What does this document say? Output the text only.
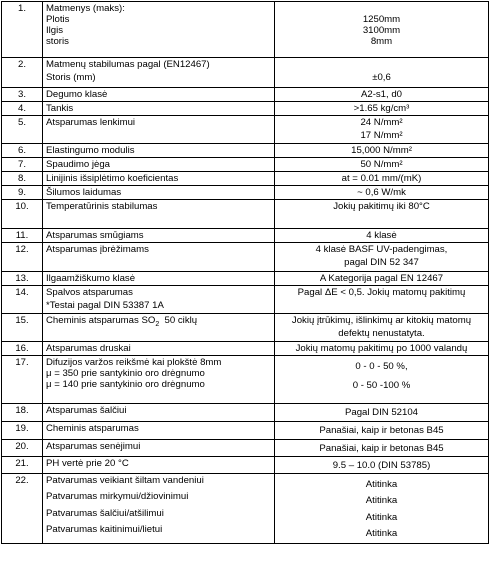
1.	Matmenys (maks):
Plotis
Ilgis
storis	1250mm
3100mm
8mm

2.	Matmenų stabilumas pagal (EN12467)
Storis (mm)	±0,6

3.	Degumo klasė	A2-s1, d0
4.	Tankis	>1.65 kg/cm³
5.	Atsparumas lenkimui	24 N/mm²
17 N/mm²

6.	Elastingumo modulis	15,000 N/mm²
7.	Spaudimo jėga	50 N/mm²
8.	Linijinis išsiplėtimo koeficientas	at = 0.01 mm/(mK)
9.	Šilumos laidumas	~ 0,6 W/mk
10.	Temperatūrinis stabilumas	Jokių pakitimų iki 80°C
11.	Atsparumas smūgiams	4 klasė
12.	Atsparumas įbrėžimams	4 klasė BASF UV-padengimas,
pagal DIN 52 347

13.	Ilgaamžiškumo klasė	A Kategorija pagal EN 12467
14.	Spalvos atsparumas
*Testai pagal DIN 53387 1A	Pagal ΔE < 0,5. Jokių matomų pakitimų

15.	Cheminis atsparumas $SO_2$  50 ciklų	Jokių įtrūkimų, išlinkimų ar kitokių matomų
defektų nenustatyta.

16.	Atsparumas druskai	Jokių matomų pakitimų po 1000 valandų
17.	Difuzijos varžos reikšmė kai plokštė 8mm
μ = 350 prie santykinio oro drėgnumo
μ = 140 prie santykinio oro drėgnumo	0 - 0 - 50 %,
0 - 50 -100 %

18.	Atsparumas šalčiui	Pagal DIN 52104
19.	Cheminis atsparumas	Panašiai, kaip ir betonas B45
20.	Atsparumas senėjimui	Panašiai, kaip ir betonas B45
21.	PH vertė prie 20 °C	9.5 – 10.0 (DIN 53785)
22.	Patvarumas veikiant šiltam vandeniui
Patvarumas mirkymui/džiovinimui
Patvarumas šalčiui/atšilimui
Patvarumas kaitinimui/lietui	Atitinka
Atitinka
Atitinka
Atitinka
